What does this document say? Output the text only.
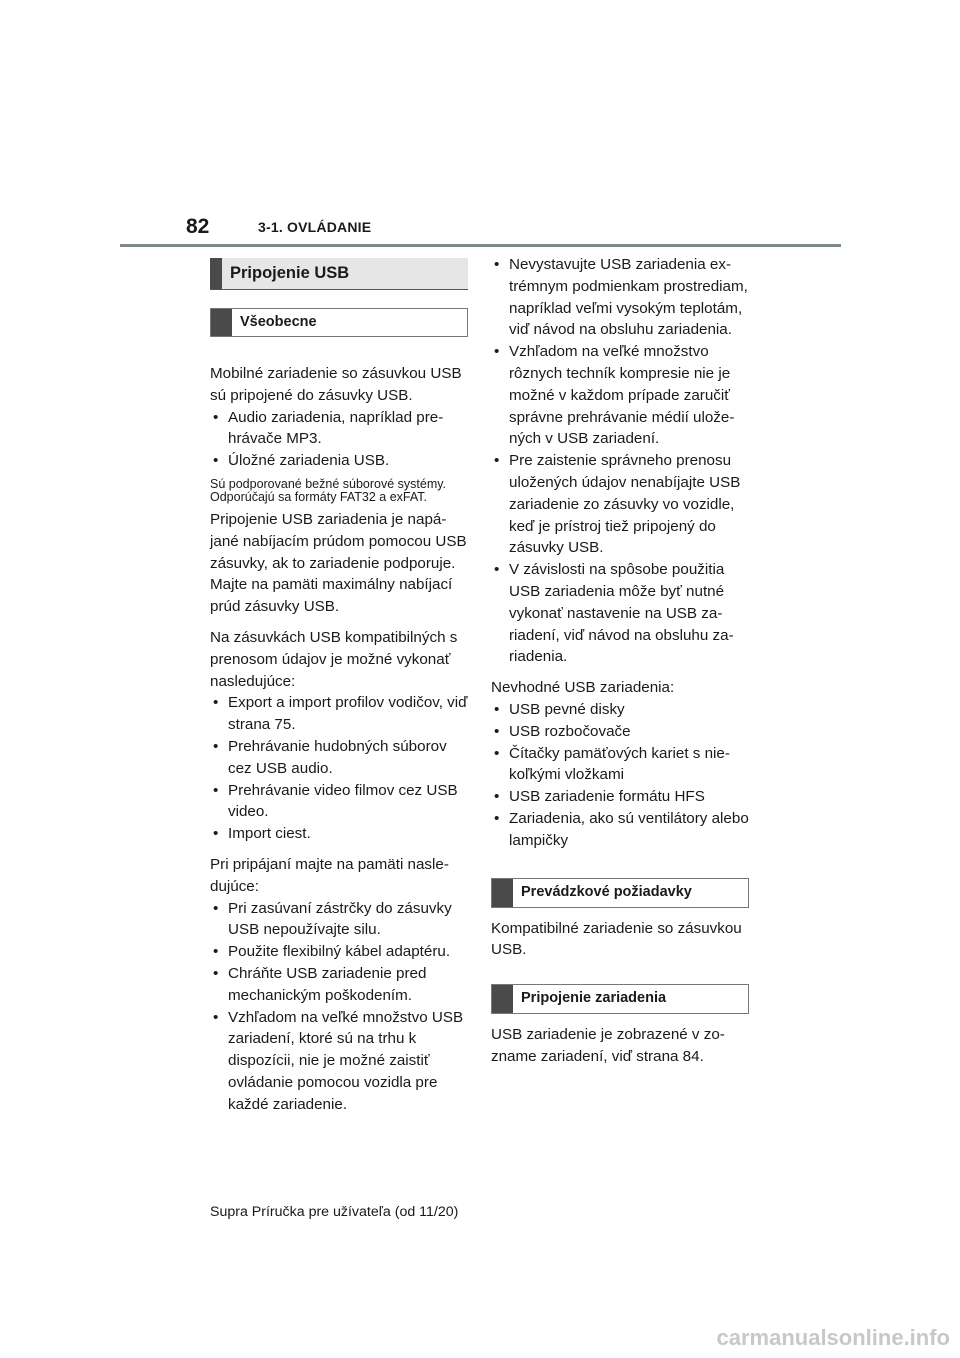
82	3-1. OVLÁDANIE
Pripojenie USB
Všeobecne

Mobilné zariadenie so zásuvkou USB sú pripojené do zásuvky USB.

• Audio zariadenia, napríklad prehrávače MP3.
• Úložné zariadenia USB.

Sú podporované bežné súborové systémy. Odporúčajú sa formáty FAT32 a exFAT.

Pripojenie USB zariadenia je napájané nabíjacím prúdom pomocou USB zásuvky, ak to zariadenie podporuje. Majte na pamäti maximálny nabíjací prúd zásuvky USB.

Na zásuvkách USB kompatibilných s prenosom údajov je možné vykonať nasledujúce:

• Export a import profilov vodičov, viď strana 75.
• Prehrávanie hudobných súborov cez USB audio.
• Prehrávanie video filmov cez USB video.
• Import ciest.

Pri pripájaní majte na pamäti nasledujúce:

• Pri zasúvaní zástrčky do zásuvky USB nepoužívajte silu.
• Použite flexibilný kábel adaptéru.
• Chráňte USB zariadenie pred mechanickým poškodením.
• Vzhľadom na veľké množstvo USB zariadení, ktoré sú na trhu k dispozícii, nie je možné zaistiť ovládanie pomocou vozidla pre každé zariadenie.
• Nevystavujte USB zariadenia extrémnym podmienkam prostrediam, napríklad veľmi vysokým teplotám, viď návod na obsluhu zariadenia.
• Vzhľadom na veľké množstvo rôznych techník kompresie nie je možné v každom prípade zaručiť správne prehrávanie médií uložených v USB zariadení.
• Pre zaistenie správneho prenosu uložených údajov nenabíjajte USB zariadenie zo zásuvky vo vozidle, keď je prístroj tiež pripojený do zásuvky USB.
• V závislosti na spôsobe použitia USB zariadenia môže byť nutné vykonať nastavenie na USB zariadení, viď návod na obsluhu zariadenia.

Nevhodné USB zariadenia:

• USB pevné disky
• USB rozbočovače
• Čítačky pamäťových kariet s niekoľkými vložkami
• USB zariadenie formátu HFS
• Zariadenia, ako sú ventilátory alebo lampičky
Prevádzkové požiadavky

Kompatibilné zariadenie so zásuvkou USB.

Pripojenie zariadenia

USB zariadenie je zobrazené v zozname zariadení, viď strana 84.

Supra Príručka pre užívateľa (od 11/20)
carmanualsonline.info
